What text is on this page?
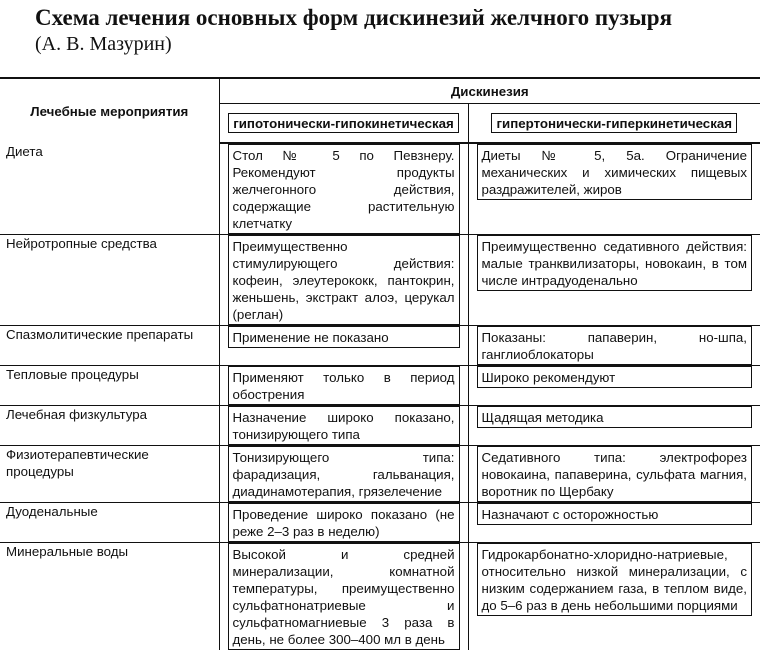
Схема лечения основных форм дискинезий желчного пузыря
(А. В. Мазурин)
Лечебные мероприятия	Дискинезия	
	гипотонически-гипокинетическая	гипертонически-гиперкинетическая

Диета	Стол № 5 по Певзнеру. Рекомендуют продукты желчегонного действия, содержащие растительную клетчатку	Диеты № 5, 5а. Ограничение механических и химических пищевых раздражителей, жиров

Нейротропные средства	Преимущественно стимулирующего действия: кофеин, элеутерококк, пантокрин, женьшень, экстракт алоэ, церукал (реглан)	Преимущественно седативного действия: малые транквилизаторы, новокаин, в том числе интрадуоденально

Спазмолитические препараты	Применение не показано	Показаны: папаверин, но-шпа, ганглиоблокаторы

Тепловые процедуры	Применяют только в период обострения	Широко рекомендуют

Лечебная физкультура	Назначение широко показано, тонизирующего типа	Щадящая методика

Физиотерапевтические процедуры	Тонизирующего типа: фарадизация, гальванация, диадинамотерапия, грязелечение	Седативного типа: электрофорез новокаина, папаверина, сульфата магния, воротник по Щербаку

Дуоденальные	Проведение широко показано (не реже 2–3 раз в неделю)	Назначают с осторожностью

Минеральные воды	Высокой и средней минерализации, комнатной температуры, преимущественно сульфатнонатриевые и сульфатномагниевые 3 раза в день, не более 300–400 мл в день	Гидрокарбонатно-хлоридно-натриевые, относительно низкой минерализации, с низким содержанием газа, в теплом виде, до 5–6 раз в день небольшими порциями
